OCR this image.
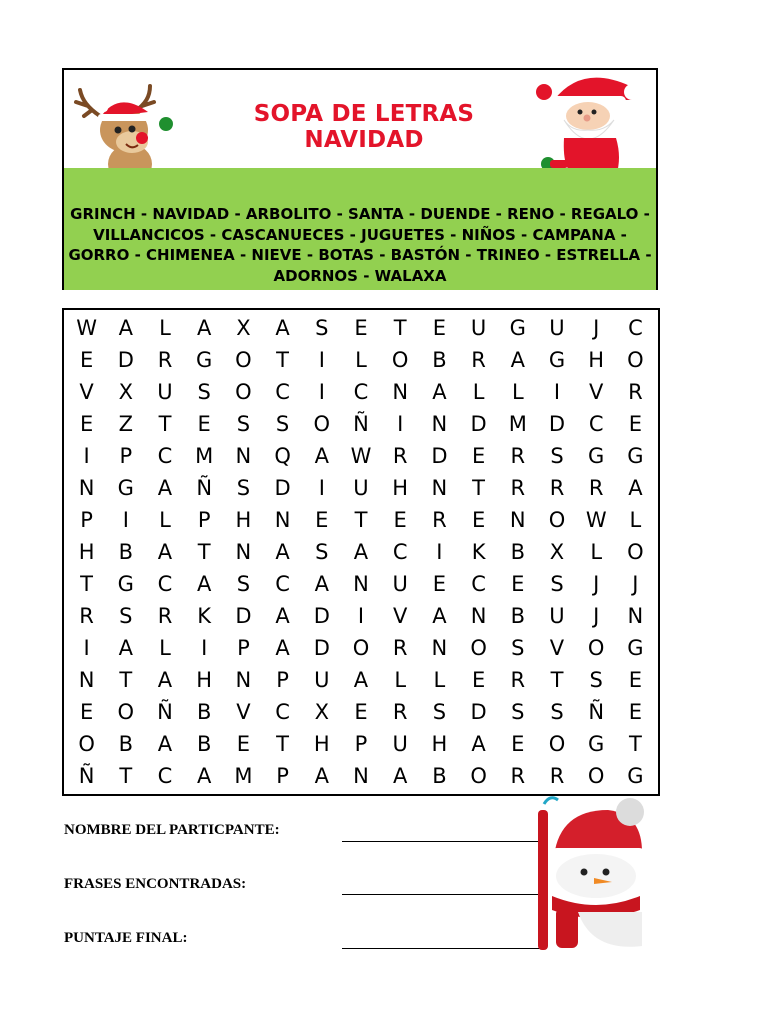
SOPA DE LETRAS NAVIDAD
GRINCH - NAVIDAD - ARBOLITO - SANTA - DUENDE - RENO - REGALO -
VILLANCICOS - CASCANUECES - JUGUETES - NIÑOS - CAMPANA -
GORRO - CHIMENEA - NIEVE - BOTAS - BASTÓN - TRINEO - ESTRELLA -
ADORNOS - WALAXA
W	A	L	A	X	A	S	E	T	E	U	G	U	J	C
E	D	R	G	O	T	I	L	O	B	R	A	G	H	O
V	X	U	S	O	C	I	C	N	A	L	L	I	V	R
E	Z	T	E	S	S	O	Ñ	I	N	D	M	D	C	E
I	P	C	M	N	Q	A	W	R	D	E	R	S	G	G
N	G	A	Ñ	S	D	I	U	H	N	T	R	R	R	A
P	I	L	P	H	N	E	T	E	R	E	N	O W	L
H	B	A	T	N	A	S	A	C	I	K	B	X	L	O
T	G	C	A	S	C	A	N	U	E	C	E	S	J	J
R	S	R	K	D	A	D	I	V	A	N	B	U	J	N
I	A	L	I	P	A	D	O	R	N	O	S	V	O	G
N	T	A	H	N	P	U	A	L	L	E	R	T	S	E
E	O	Ñ	B	V	C	X	E	R	S	D	S	S	Ñ	E
O	B	A	B	E	T	H	P	U	H	A	E	O	G	T
Ñ	T	C	A	M	P	A	N	A	B	O	R	R	O	G
NOMBRE DEL PARTICPANTE:
FRASES ENCONTRADAS:
PUNTAJE FINAL:
